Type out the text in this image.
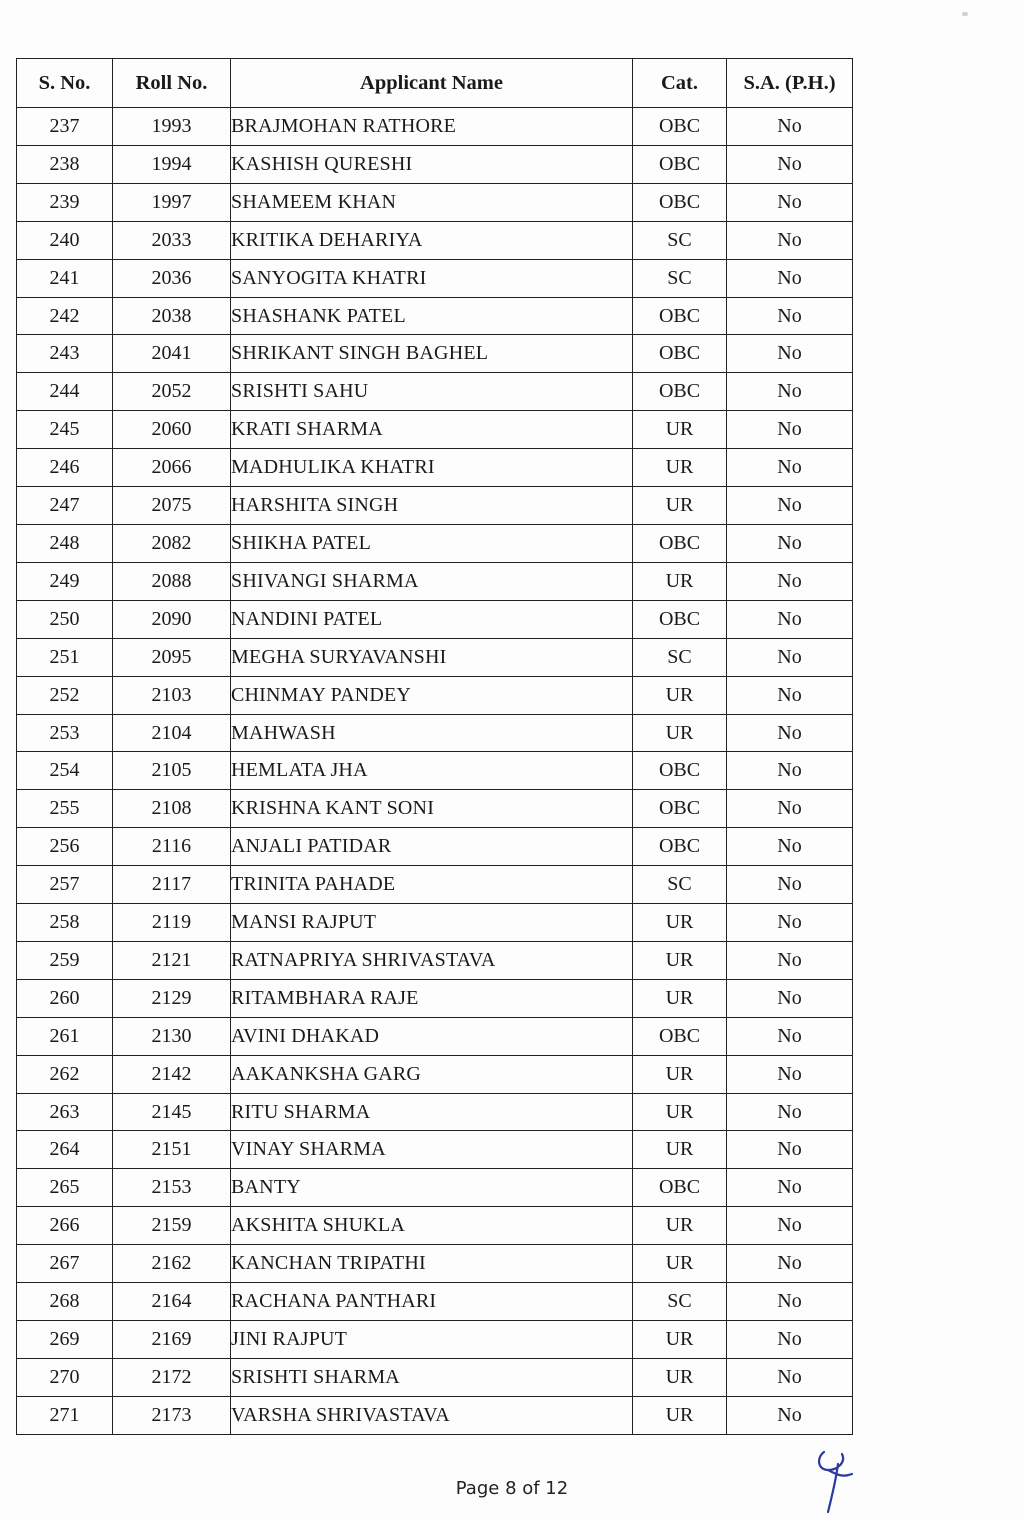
S. No.	Roll No.	Applicant Name	Cat.	S.A. (P.H.)
237	1993	BRAJMOHAN RATHORE	OBC	No
238	1994	KASHISH QURESHI	OBC	No
239	1997	SHAMEEM KHAN	OBC	No
240	2033	KRITIKA DEHARIYA	SC	No
241	2036	SANYOGITA KHATRI	SC	No
242	2038	SHASHANK PATEL	OBC	No
243	2041	SHRIKANT SINGH BAGHEL	OBC	No
244	2052	SRISHTI SAHU	OBC	No
245	2060	KRATI SHARMA	UR	No
246	2066	MADHULIKA KHATRI	UR	No
247	2075	HARSHITA SINGH	UR	No
248	2082	SHIKHA PATEL	OBC	No
249	2088	SHIVANGI SHARMA	UR	No
250	2090	NANDINI PATEL	OBC	No
251	2095	MEGHA SURYAVANSHI	SC	No
252	2103	CHINMAY PANDEY	UR	No
253	2104	MAHWASH	UR	No
254	2105	HEMLATA JHA	OBC	No
255	2108	KRISHNA KANT SONI	OBC	No
256	2116	ANJALI PATIDAR	OBC	No
257	2117	TRINITA PAHADE	SC	No
258	2119	MANSI RAJPUT	UR	No
259	2121	RATNAPRIYA SHRIVASTAVA	UR	No
260	2129	RITAMBHARA RAJE	UR	No
261	2130	AVINI DHAKAD	OBC	No
262	2142	AAKANKSHA GARG	UR	No
263	2145	RITU SHARMA	UR	No
264	2151	VINAY SHARMA	UR	No
265	2153	BANTY	OBC	No
266	2159	AKSHITA SHUKLA	UR	No
267	2162	KANCHAN TRIPATHI	UR	No
268	2164	RACHANA PANTHARI	SC	No
269	2169	JINI RAJPUT	UR	No
270	2172	SRISHTI SHARMA	UR	No
271	2173	VARSHA SHRIVASTAVA	UR	No
Page 8 of 12
